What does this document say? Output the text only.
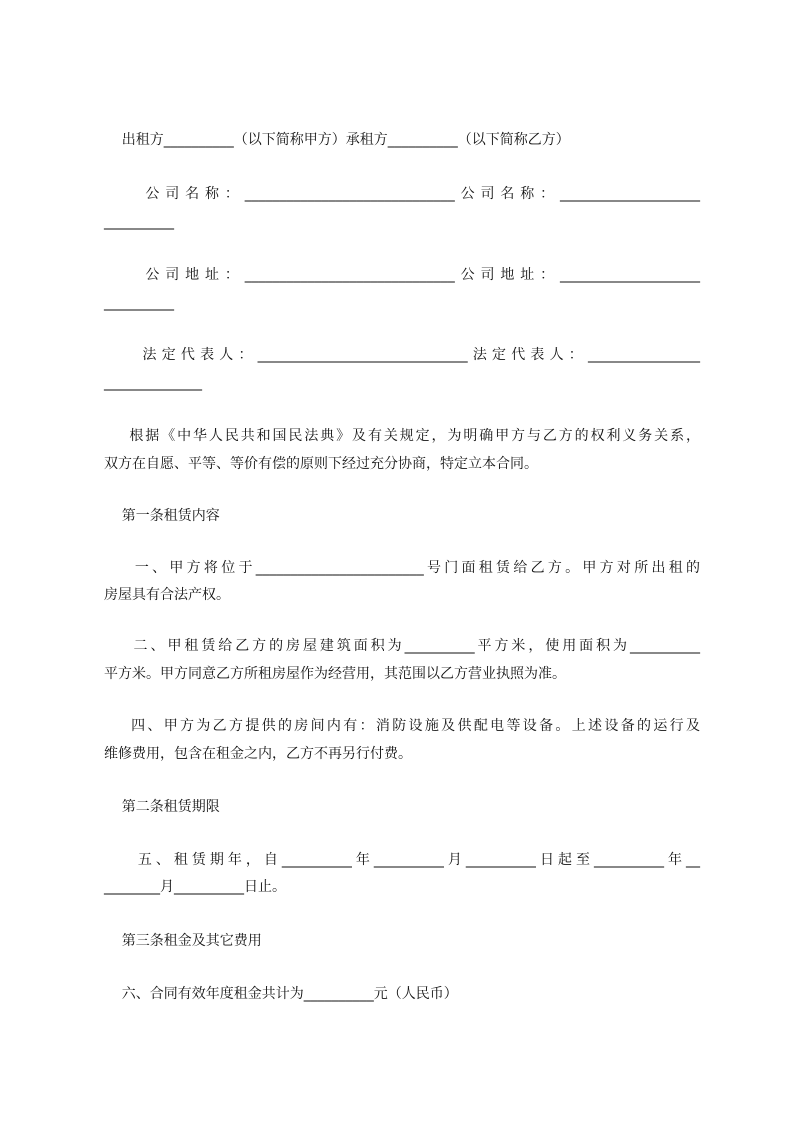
出租方__________（以下简称甲方）承租方__________（以下简称乙方）
公司名称：______________________________公司名称：____________________
__________
公司地址：______________________________公司地址：____________________
__________
法定代表人：______________________________法定代表人：________________
______________
根据《中华人民共和国民法典》及有关规定，为明确甲方与乙方的权利义务关系，
双方在自愿、平等、等价有偿的原则下经过充分协商，特定立本合同。
第一条租赁内容
一、甲方将位于________________________号门面租赁给乙方。甲方对所出租的
房屋具有合法产权。
二、甲租赁给乙方的房屋建筑面积为__________平方米，使用面积为__________
平方米。甲方同意乙方所租房屋作为经营用，其范围以乙方营业执照为准。
四、甲方为乙方提供的房间内有：消防设施及供配电等设备。上述设备的运行及
维修费用，包含在租金之内，乙方不再另行付费。
第二条租赁期限
五、租赁期年，自__________年__________月__________日起至__________年__
________月__________日止。
第三条租金及其它费用
六、合同有效年度租金共计为__________元（人民币）
